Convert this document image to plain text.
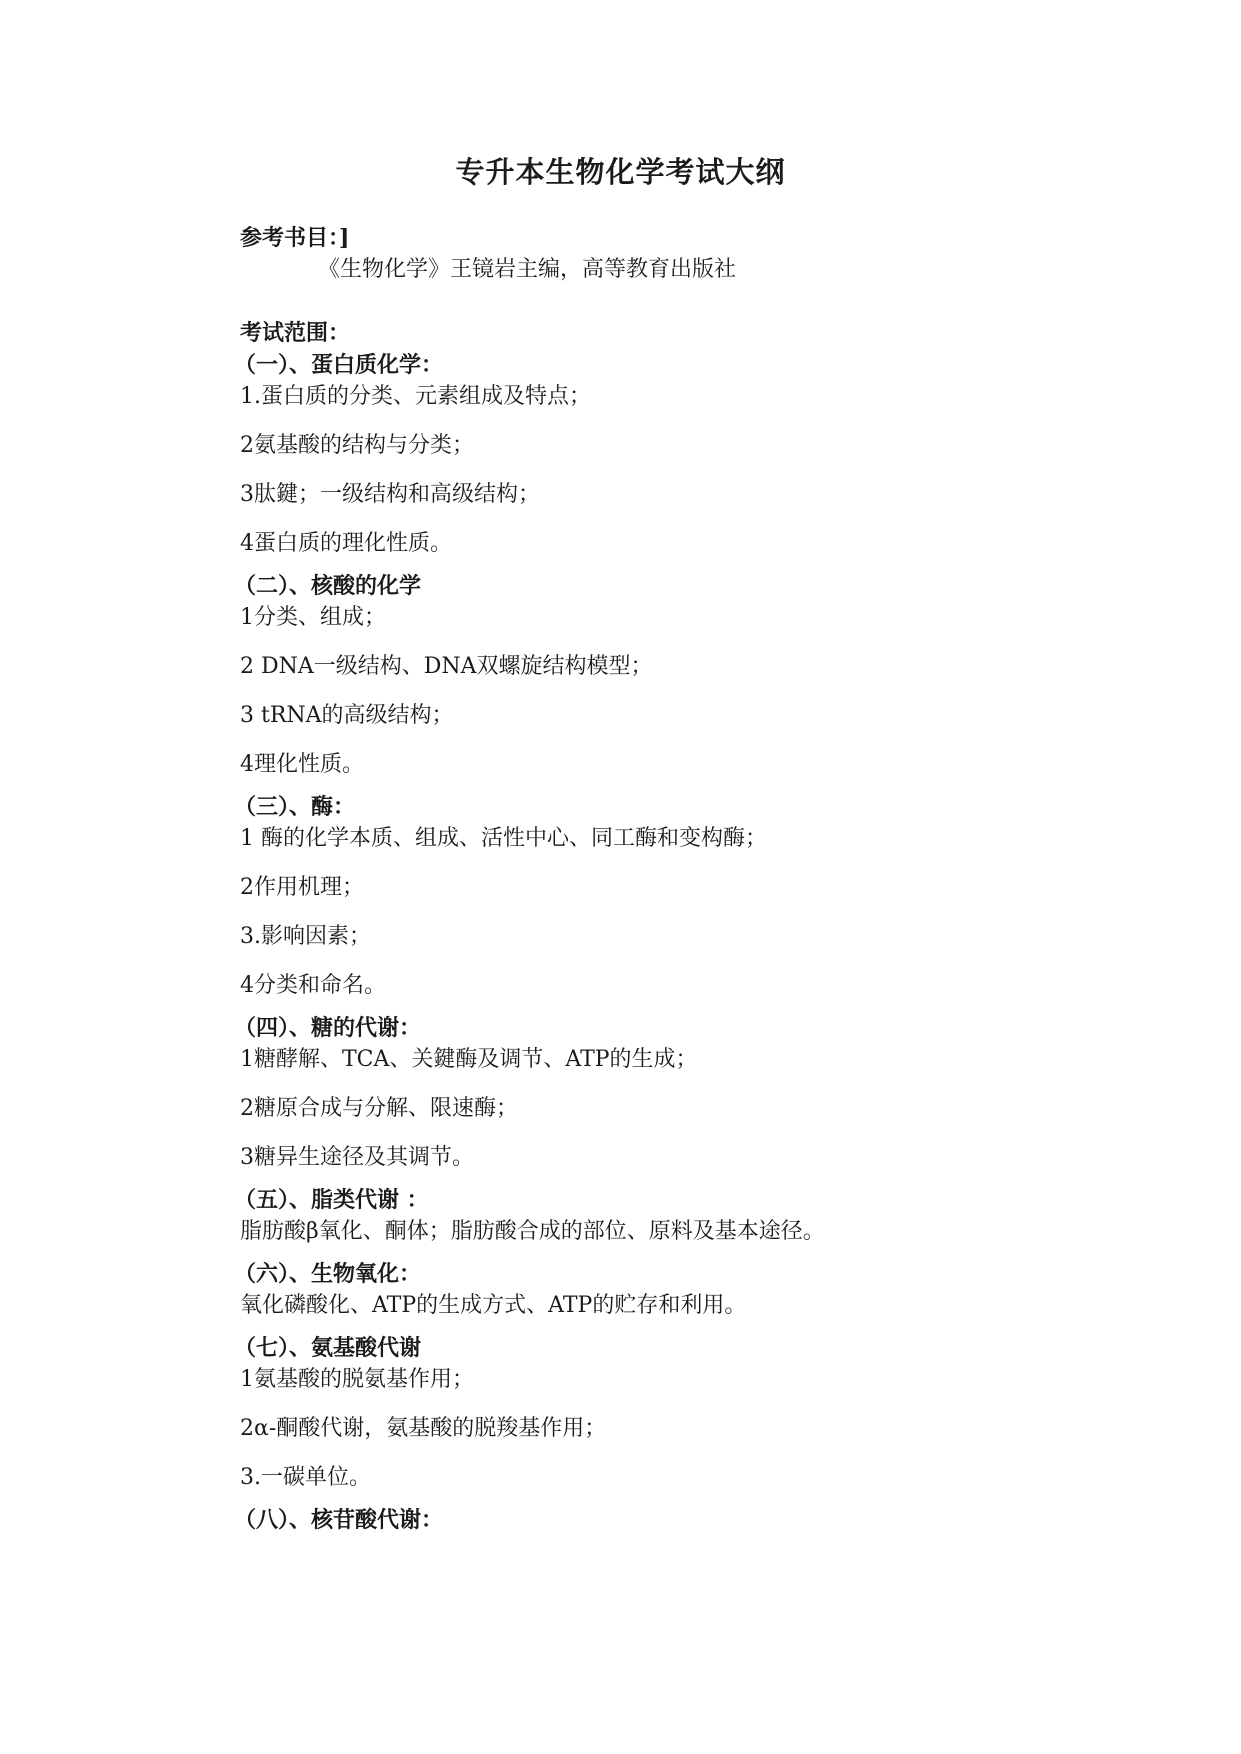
专升本生物化学考试大纲
参考书目：]
《生物化学》王镜岩主编，高等教育出版社
考试范围：
（一）、蛋白质化学：
1.蛋白质的分类、元素组成及特点；
2氨基酸的结构与分类；
3肽鍵；一级结构和高级结构；
4蛋白质的理化性质。
（二）、核酸的化学
1分类、组成；
2 DNA一级结构、DNA双螺旋结构模型；
3 tRNA的高级结构；
4理化性质。
（三）、酶：
1 酶的化学本质、组成、活性中心、同工酶和变构酶；
2作用机理；
3.影响因素；
4分类和命名。
（四）、糖的代谢：
1糖酵解、TCA、关鍵酶及调节、ATP的生成；
2糖原合成与分解、限速酶；
3糖异生途径及其调节。
（五）、脂类代谢 ：
脂肪酸β氧化、酮体；脂肪酸合成的部位、原料及基本途径。
（六）、生物氧化：
氧化磷酸化、ATP的生成方式、ATP的贮存和利用。
（七）、氨基酸代谢
1氨基酸的脱氨基作用；
2α-酮酸代谢，氨基酸的脱羧基作用；
3.一碳单位。
（八）、核苷酸代谢：
